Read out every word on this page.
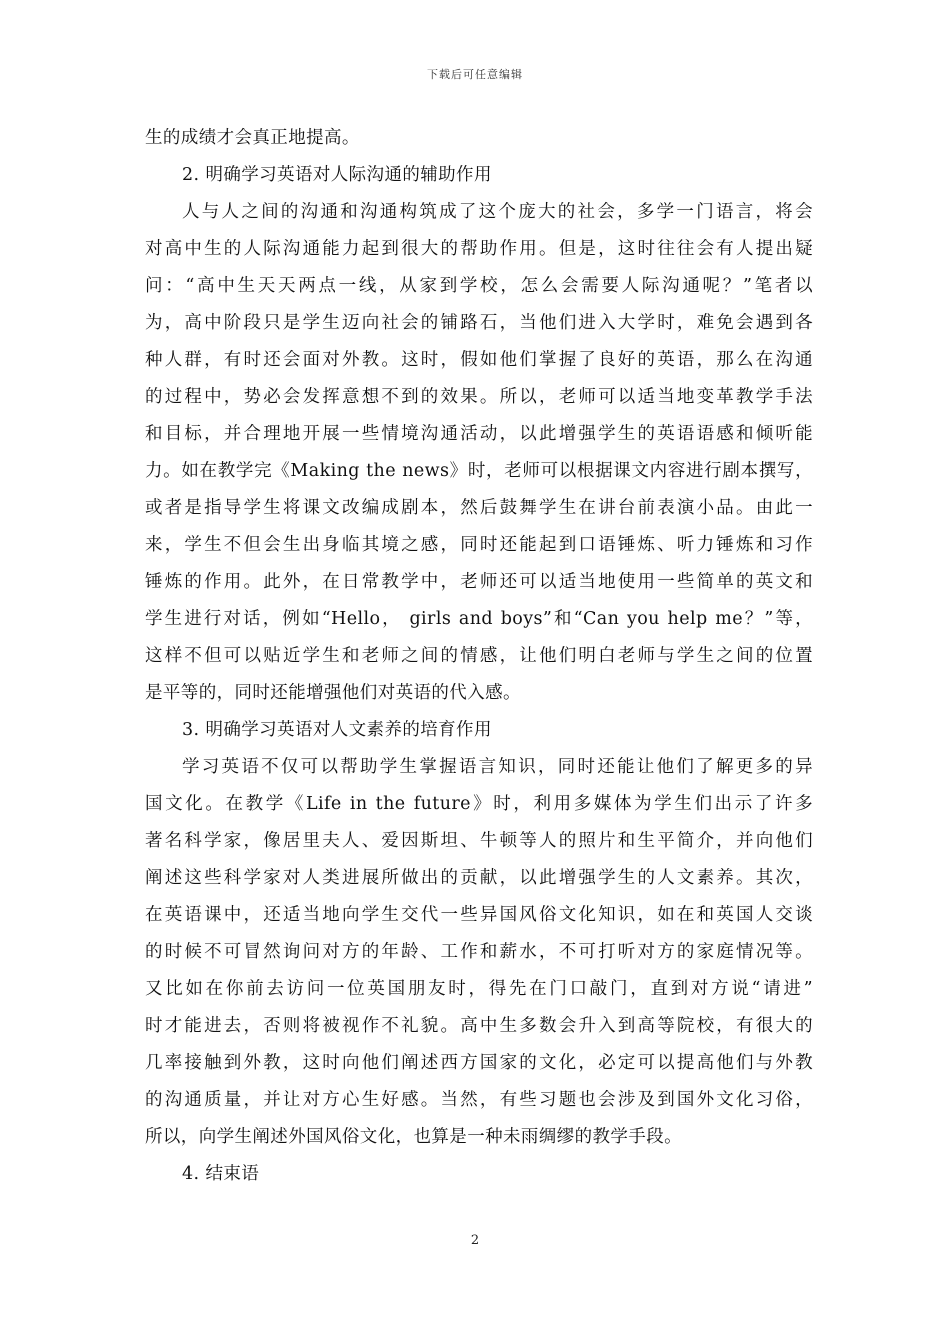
下载后可任意编辑
生的成绩才会真正地提高。
2. 明确学习英语对人际沟通的辅助作用
人与人之间的沟通和沟通构筑成了这个庞大的社会，多学一门语言，将会
对高中生的人际沟通能力起到很大的帮助作用。但是，这时往往会有人提出疑
问：“高中生天天两点一线，从家到学校，怎么会需要人际沟通呢？”笔者以
为，高中阶段只是学生迈向社会的铺路石，当他们进入大学时，难免会遇到各
种人群，有时还会面对外教。这时，假如他们掌握了良好的英语，那么在沟通
的过程中，势必会发挥意想不到的效果。所以，老师可以适当地变革教学手法
和目标，并合理地开展一些情境沟通活动，以此增强学生的英语语感和倾听能
力。如在教学完《Making the news》时，老师可以根据课文内容进行剧本撰写，
或者是指导学生将课文改编成剧本，然后鼓舞学生在讲台前表演小品。由此一
来，学生不但会生出身临其境之感，同时还能起到口语锤炼、听力锤炼和习作
锤炼的作用。此外，在日常教学中，老师还可以适当地使用一些简单的英文和
学生进行对话，例如“Hello， girls and boys”和“Can you help me？”等，
这样不但可以贴近学生和老师之间的情感，让他们明白老师与学生之间的位置
是平等的，同时还能增强他们对英语的代入感。
3. 明确学习英语对人文素养的培育作用
学习英语不仅可以帮助学生掌握语言知识，同时还能让他们了解更多的异
国文化。在教学《Life in the future》时，利用多媒体为学生们出示了许多
著名科学家，像居里夫人、爱因斯坦、牛顿等人的照片和生平简介，并向他们
阐述这些科学家对人类进展所做出的贡献，以此增强学生的人文素养。其次，
在英语课中，还适当地向学生交代一些异国风俗文化知识，如在和英国人交谈
的时候不可冒然询问对方的年龄、工作和薪水，不可打听对方的家庭情况等。
又比如在你前去访问一位英国朋友时，得先在门口敲门，直到对方说“请进”
时才能进去，否则将被视作不礼貌。高中生多数会升入到高等院校，有很大的
几率接触到外教，这时向他们阐述西方国家的文化，必定可以提高他们与外教
的沟通质量，并让对方心生好感。当然，有些习题也会涉及到国外文化习俗，
所以，向学生阐述外国风俗文化，也算是一种未雨绸缪的教学手段。
4. 结束语
2
